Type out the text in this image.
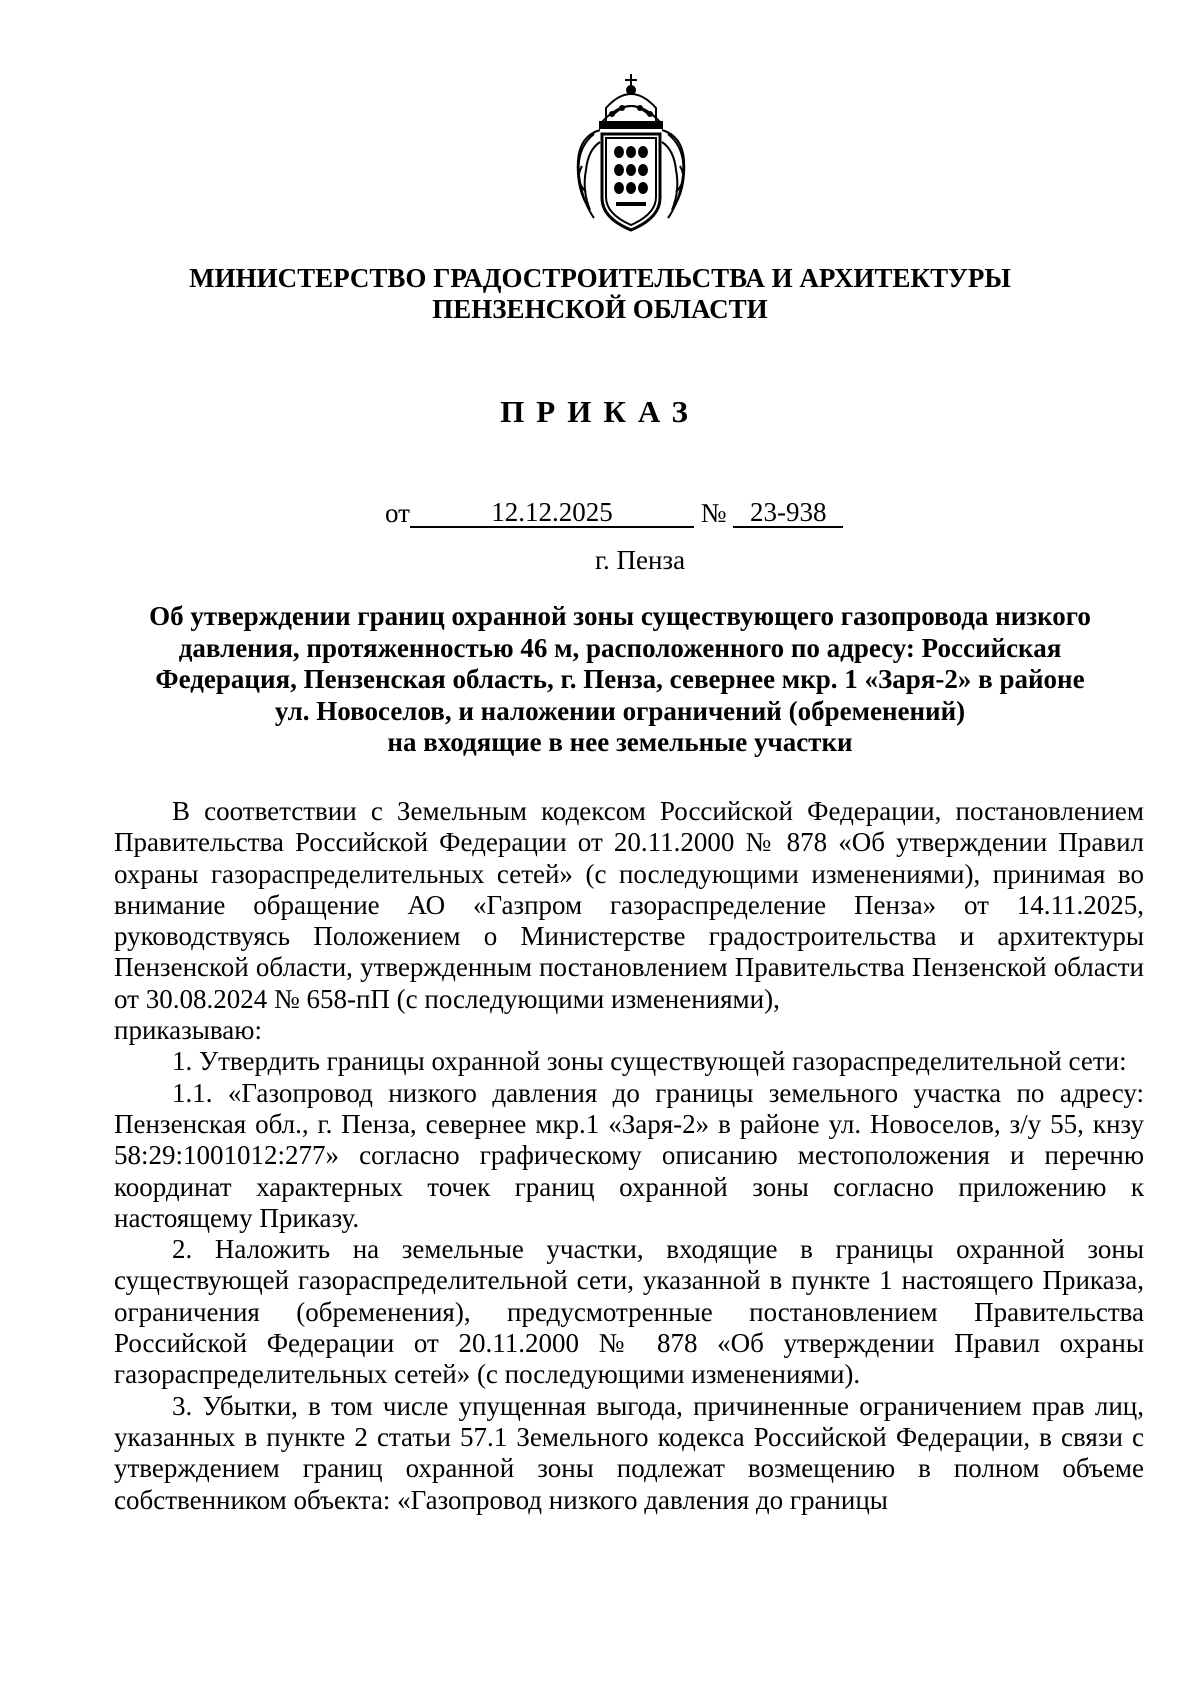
МИНИСТЕРСТВО ГРАДОСТРОИТЕЛЬСТВА И АРХИТЕКТУРЫ
ПЕНЗЕНСКОЙ ОБЛАСТИ
ПРИКАЗ
от	12.12.2025	№ 23-938
г. Пенза
Об утверждении границ охранной зоны существующего газопровода низкого
давления, протяженностью 46 м, расположенного по адресу: Российская
Федерация, Пензенская область, г. Пенза, севернее мкр. 1 «Заря-2» в районе
ул. Новоселов, и наложении ограничений (обременений)
на входящие в нее земельные участки

В соответствии с Земельным кодексом Российской Федерации, постановлением Правительства Российской Федерации от 20.11.2000 № 878 «Об утверждении Правил охраны газораспределительных сетей» (с последующими изменениями), принимая во внимание обращение АО «Газпром газораспределение Пенза» от 14.11.2025, руководствуясь Положением о Министерстве градостроительства и архитектуры Пензенской области, утвержденным постановлением Правительства Пензенской области от 30.08.2024 № 658-пП (с последующими изменениями),

приказываю:

1. Утвердить границы охранной зоны существующей газораспределительной сети:

1.1. «Газопровод низкого давления до границы земельного участка по адресу: Пензенская обл., г. Пенза, севернее мкр.1 «Заря-2» в районе ул. Новоселов, з/у 55, кнзу 58:29:1001012:277» согласно графическому описанию местоположения и перечню координат характерных точек границ охранной зоны согласно приложению к настоящему Приказу.

2. Наложить на земельные участки, входящие в границы охранной зоны существующей газораспределительной сети, указанной в пункте 1 настоящего Приказа, ограничения (обременения), предусмотренные постановлением Правительства Российской Федерации от 20.11.2000 № 878 «Об утверждении Правил охраны газораспределительных сетей» (с последующими изменениями).

3. Убытки, в том числе упущенная выгода, причиненные ограничением прав лиц, указанных в пункте 2 статьи 57.1 Земельного кодекса Российской Федерации, в связи с утверждением границ охранной зоны подлежат возмещению в полном объеме собственником объекта: «Газопровод низкого давления до границы
